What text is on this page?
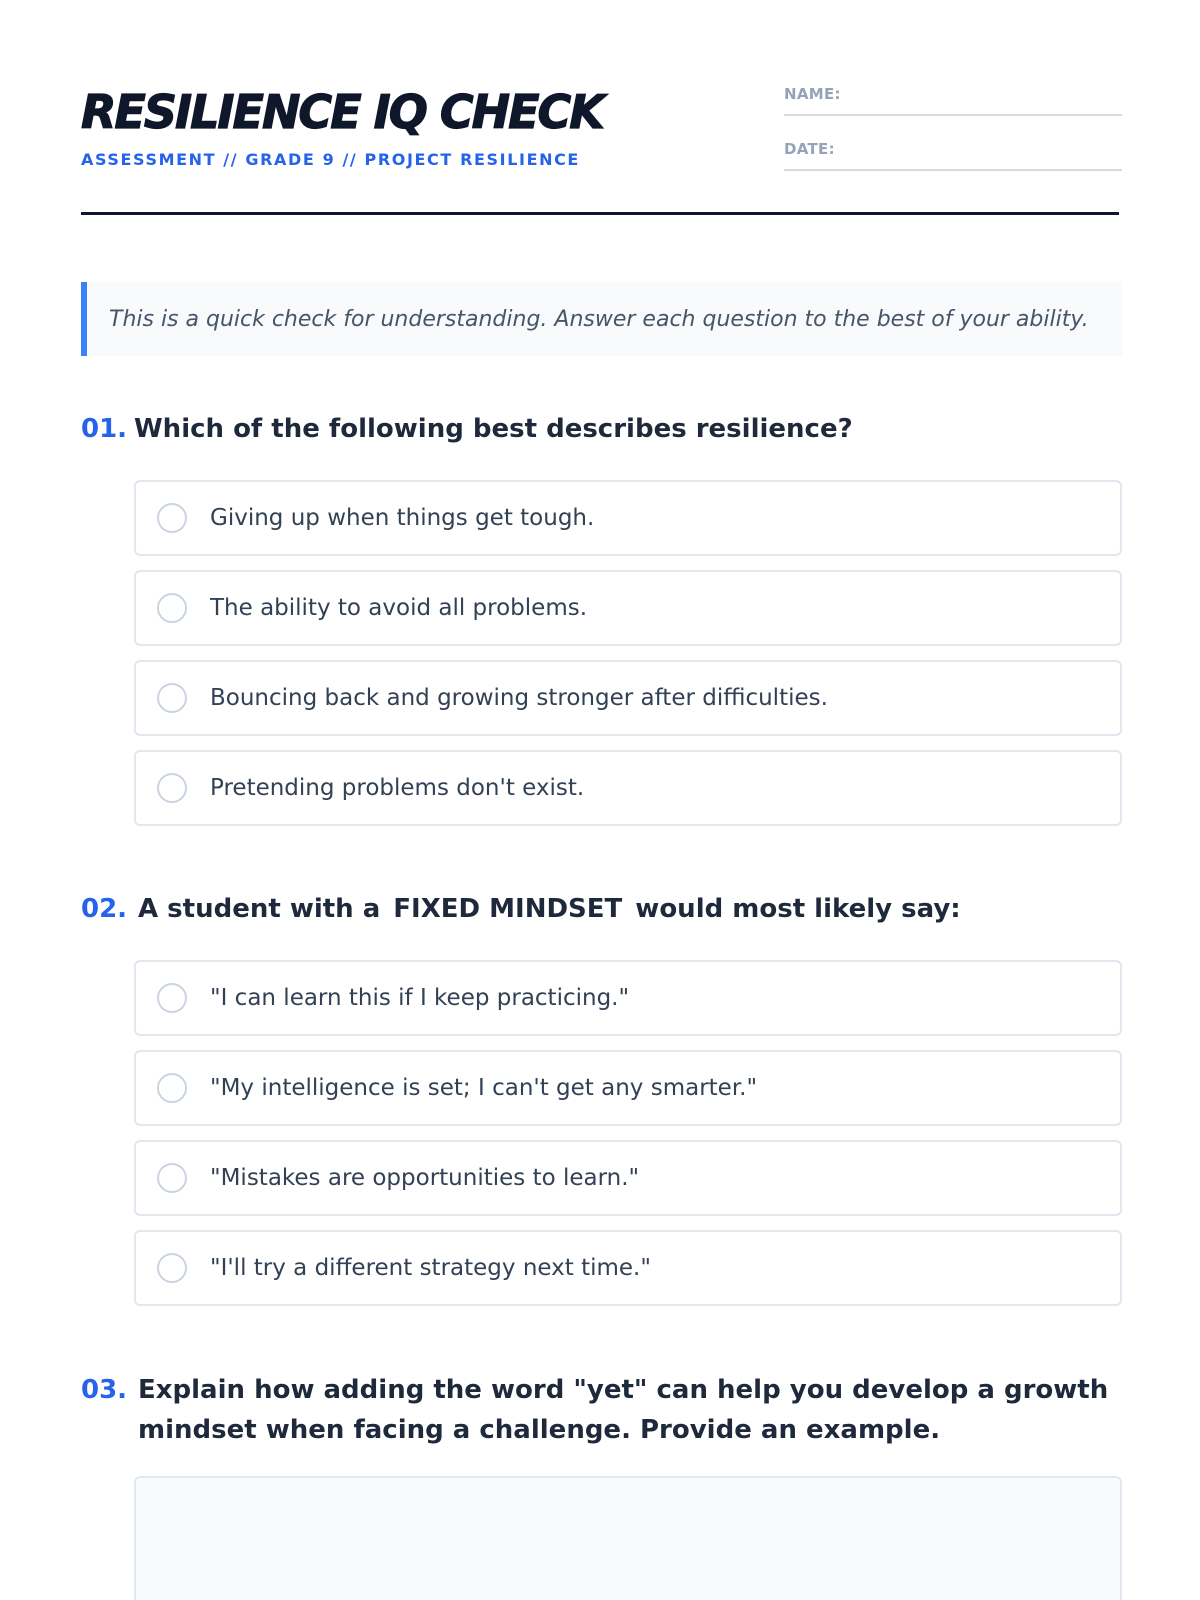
RESILIENCE IQ CHECK
ASSESSMENT // GRADE 9 // PROJECT RESILIENCE
NAME:
DATE:
This is a quick check for understanding. Answer each question to the best of your ability.
01. Which of the following best describes resilience?
Giving up when things get tough.
The ability to avoid all problems.
Bouncing back and growing stronger after difficulties.
Pretending problems don't exist.
02. A student with a FIXED MINDSET would most likely say:
"I can learn this if I keep practicing."
"My intelligence is set; I can't get any smarter."
"Mistakes are opportunities to learn."
"I'll try a different strategy next time."
03. Explain how adding the word "yet" can help you develop a growth mindset when facing a challenge. Provide an example.
